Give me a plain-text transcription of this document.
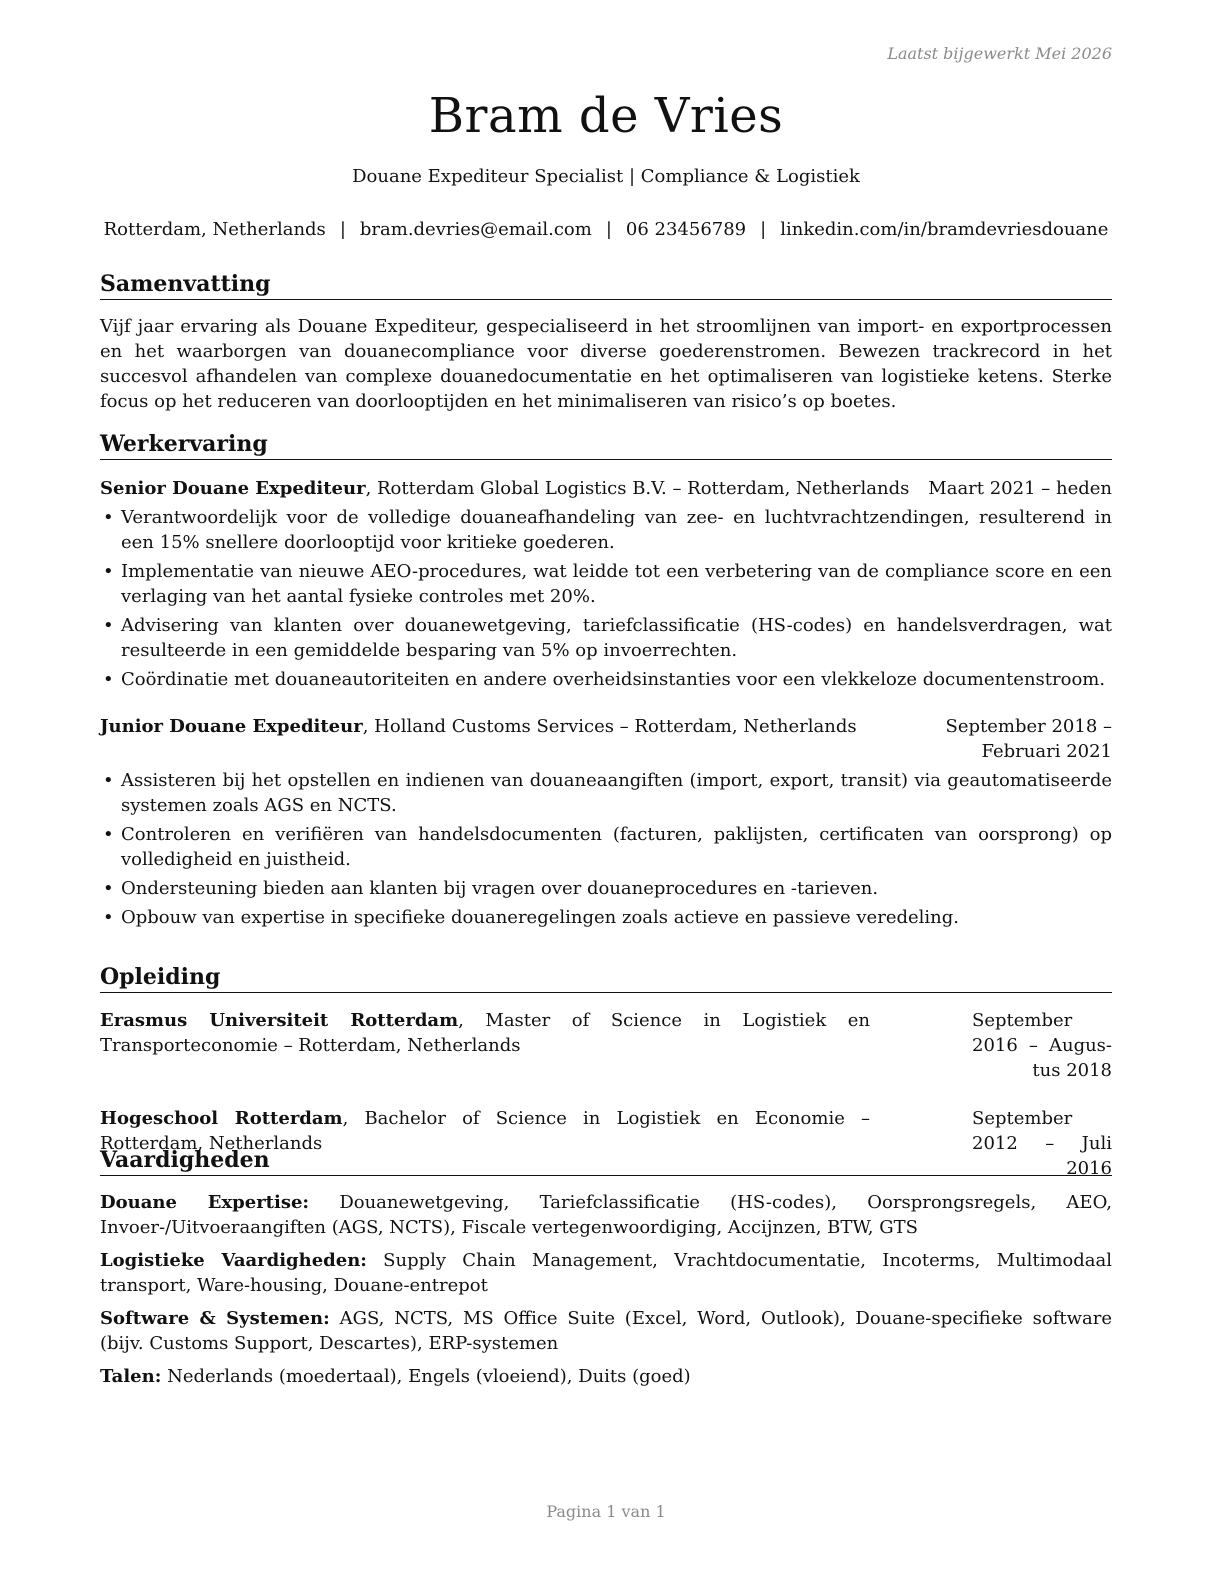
Laatst bijgewerkt Mei 2026
Bram de Vries
Douane Expediteur Specialist | Compliance & Logistiek
Rotterdam, Netherlands | bram.devries@email.com | 06 23456789 | linkedin.com/in/bramdevriesdouane
Samenvatting
Vijf jaar ervaring als Douane Expediteur, gespecialiseerd in het stroomlijnen van import- en exportprocessen en het waarborgen van douanecompliance voor diverse goederenstromen. Bewezen trackrecord in het succesvol afhandelen van complexe douanedocumentatie en het optimaliseren van logistieke ketens. Sterke focus op het reduceren van doorlooptijden en het minimaliseren van risico’s op boetes.
Werkervaring
Senior Douane Expediteur, Rotterdam Global Logistics B.V. – Rotterdam, Netherlands Maart 2021 – heden
• Verantwoordelijk voor de volledige douaneafhandeling van zee- en luchtvrachtzendingen, resulterend in een 15% snellere doorlooptijd voor kritieke goederen.
• Implementatie van nieuwe AEO-procedures, wat leidde tot een verbetering van de compliance score en een verlaging van het aantal fysieke controles met 20%.
• Advisering van klanten over douanewetgeving, tariefclassificatie (HS-codes) en handelsverdragen, wat resulteerde in een gemiddelde besparing van 5% op invoerrechten.
• Coördinatie met douaneautoriteiten en andere overheidsinstanties voor een vlekkeloze documentenstroom.
Junior Douane Expediteur, Holland Customs Services – Rotterdam, Netherlands	September 2018 – Februari 2021
• Assisteren bij het opstellen en indienen van douaneaangiften (import, export, transit) via geautomatiseerde systemen zoals AGS en NCTS.
• Controleren en verifiëren van handelsdocumenten (facturen, paklijsten, certificaten van oorsprong) op volledigheid en juistheid.
• Ondersteuning bieden aan klanten bij vragen over douaneprocedures en -tarieven.
• Opbouw van expertise in specifieke douaneregelingen zoals actieve en passieve veredeling.
Opleiding
Erasmus Universiteit Rotterdam, Master of Science in Logistiek en Transporteconomie – Rotterdam, Netherlands
September 2016 – Augus-tus 2018
Hogeschool Rotterdam, Bachelor of Science in Logistiek en Economie – Rotterdam, Netherlands
September 2012 – Juli 2016
Vaardigheden
Douane Expertise: Douanewetgeving, Tariefclassificatie (HS-codes), Oorsprongsregels, AEO, Invoer-/Uitvoeraangiften (AGS, NCTS), Fiscale vertegenwoordiging, Accijnzen, BTW, GTS
Logistieke Vaardigheden: Supply Chain Management, Vrachtdocumentatie, Incoterms, Multimodaal transport, Ware-housing, Douane-entrepot
Software & Systemen: AGS, NCTS, MS Office Suite (Excel, Word, Outlook), Douane-specifieke software (bijv. Customs Support, Descartes), ERP-systemen
Talen: Nederlands (moedertaal), Engels (vloeiend), Duits (goed)
Pagina 1 van 1
